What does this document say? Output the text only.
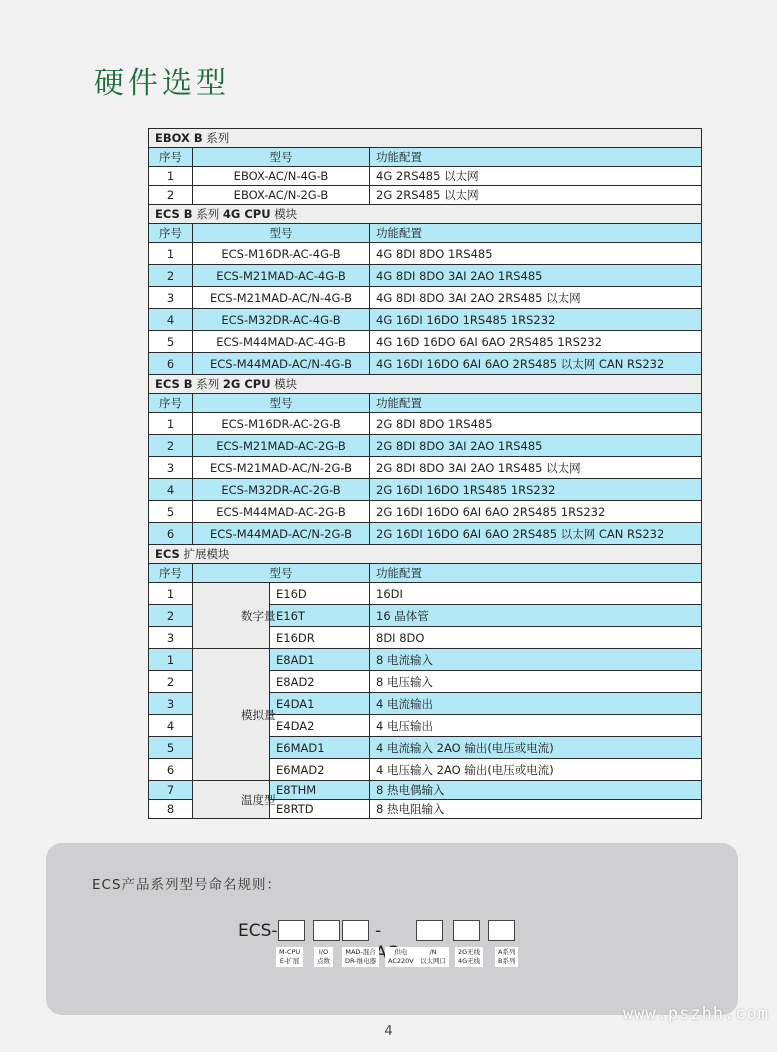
硬件选型
EBOX B 系列			
序号	型号		功能配置
1	EBOX-AC/N-4G-B		4G 2RS485 以太网
2	EBOX-AC/N-2G-B		2G 2RS485 以太网
ECS B 系列 4G CPU 模块			
序号	型号		功能配置
1	ECS-M16DR-AC-4G-B		4G 8DI 8DO 1RS485
2	ECS-M21MAD-AC-4G-B		4G 8DI 8DO 3AI 2AO 1RS485
3	ECS-M21MAD-AC/N-4G-B		4G 8DI 8DO 3AI 2AO 2RS485 以太网
4	ECS-M32DR-AC-4G-B		4G 16DI 16DO 1RS485 1RS232
5	ECS-M44MAD-AC-4G-B		4G 16D 16DO 6AI 6AO 2RS485 1RS232
6	ECS-M44MAD-AC/N-4G-B		4G 16DI 16DO 6AI 6AO 2RS485 以太网 CAN RS232
ECS B 系列 2G CPU 模块			
序号	型号		功能配置
1	ECS-M16DR-AC-2G-B		2G 8DI 8DO 1RS485
2	ECS-M21MAD-AC-2G-B		2G 8DI 8DO 3AI 2AO 1RS485
3	ECS-M21MAD-AC/N-2G-B		2G 8DI 8DO 3AI 2AO 1RS485 以太网
4	ECS-M32DR-AC-2G-B		2G 16DI 16DO 1RS485 1RS232
5	ECS-M44MAD-AC-2G-B		2G 16DI 16DO 6AI 6AO 2RS485 1RS232
6	ECS-M44MAD-AC/N-2G-B		2G 16DI 16DO 6AI 6AO 2RS485 以太网 CAN RS232
ECS 扩展模块			
序号	型号		功能配置
1	数字量	E16D	16DI
2		E16T	16 晶体管
3		E16DR	8DI 8DO
1	模拟量	E8AD1	8 电流输入
2		E8AD2	8 电压输入
3		E4DA1	4 电流输出
4		E4DA2	4 电压输出
5		E6MAD1	4 电流输入 2AO 输出(电压或电流)
6		E6MAD2	4 电压输入 2AO 输出(电压或电流)
7	温度型	E8THM	8 热电偶输入
8		E8RTD	8 热电阻输入
ECS产品系列型号命名规则：
ECS-	-A
M-CPU
E-扩展
I/O
点数
MAD-混合
DR-继电器
供电
AC220V
/N
以太网口
2G无线
4G无线
A系列
B系列
4
www.pszhh.com
